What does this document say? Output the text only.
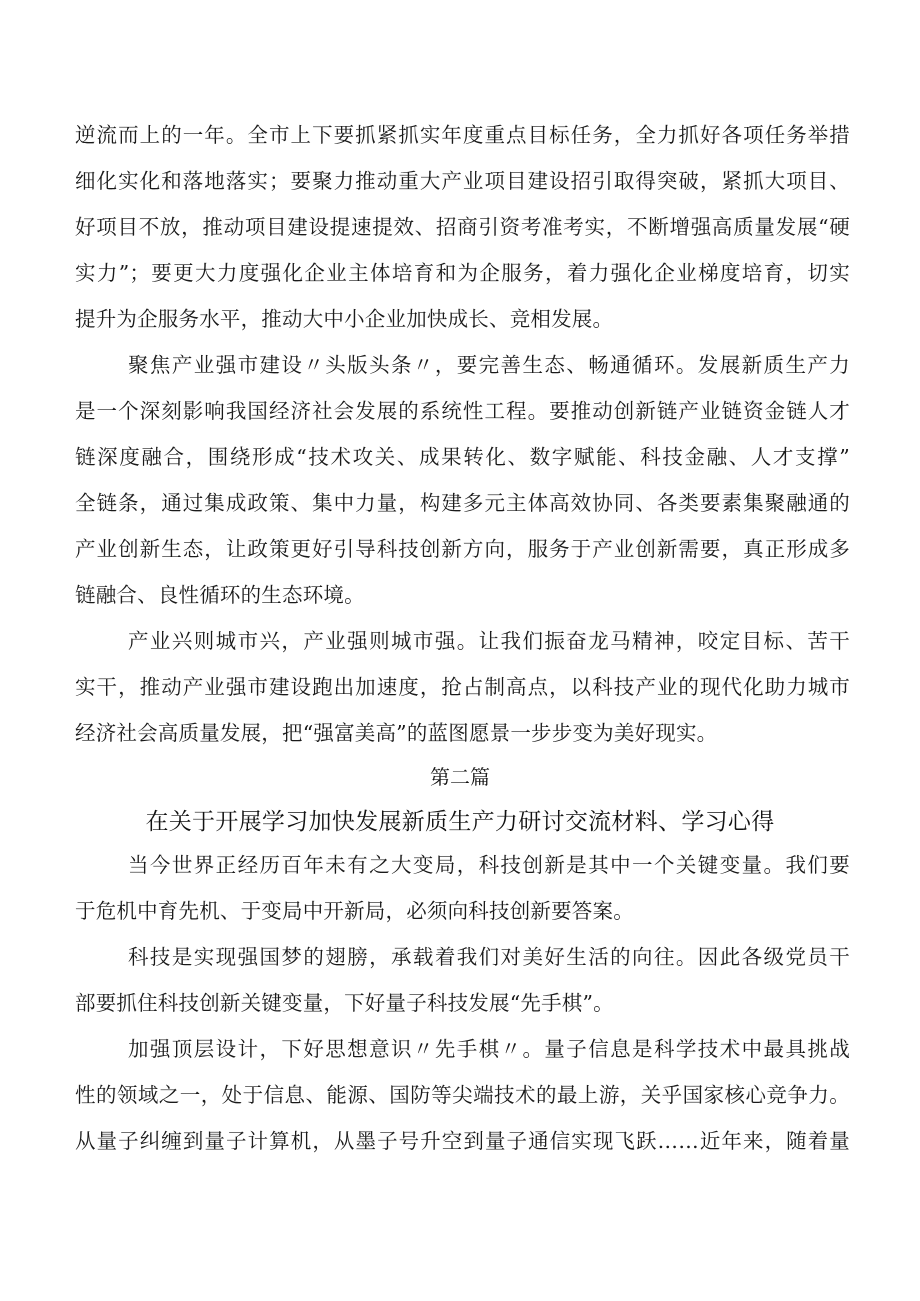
逆流而上的一年。全市上下要抓紧抓实年度重点目标任务，全力抓好各项任务举措
细化实化和落地落实；要聚力推动重大产业项目建设招引取得突破，紧抓大项目、
好项目不放，推动项目建设提速提效、招商引资考准考实，不断增强高质量发展“硬
实力”；要更大力度强化企业主体培育和为企服务，着力强化企业梯度培育，切实
提升为企服务水平，推动大中小企业加快成长、竞相发展。
聚焦产业强市建设〃头版头条〃，要完善生态、畅通循环。发展新质生产力
是一个深刻影响我国经济社会发展的系统性工程。要推动创新链产业链资金链人才
链深度融合，围绕形成“技术攻关、成果转化、数字赋能、科技金融、人才支撑”
全链条，通过集成政策、集中力量，构建多元主体高效协同、各类要素集聚融通的
产业创新生态，让政策更好引导科技创新方向，服务于产业创新需要，真正形成多
链融合、良性循环的生态环境。
产业兴则城市兴，产业强则城市强。让我们振奋龙马精神，咬定目标、苦干
实干，推动产业强市建设跑出加速度，抢占制高点，以科技产业的现代化助力城市
经济社会高质量发展，把“强富美高”的蓝图愿景一步步变为美好现实。
第二篇
在关于开展学习加快发展新质生产力研讨交流材料、学习心得
当今世界正经历百年未有之大变局，科技创新是其中一个关键变量。我们要
于危机中育先机、于变局中开新局，必须向科技创新要答案。
科技是实现强国梦的翅膀，承载着我们对美好生活的向往。因此各级党员干
部要抓住科技创新关键变量，下好量子科技发展“先手棋”。
加强顶层设计，下好思想意识〃先手棋〃。量子信息是科学技术中最具挑战
性的领域之一，处于信息、能源、国防等尖端技术的最上游，关乎国家核心竞争力。
从量子纠缠到量子计算机，从墨子号升空到量子通信实现飞跃……近年来，随着量
